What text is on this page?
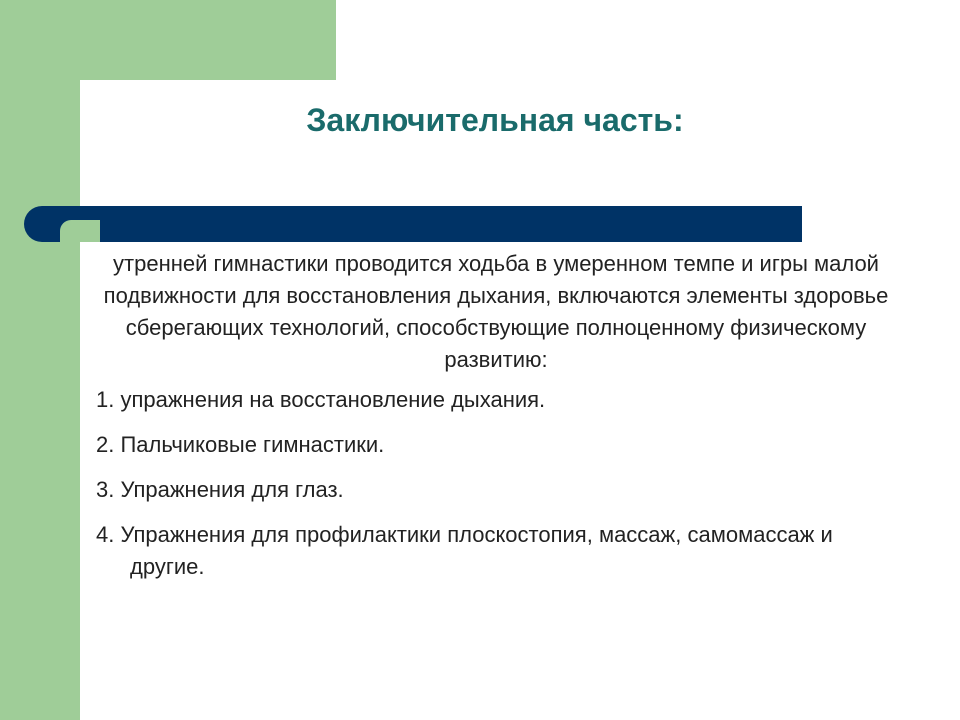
Заключительная часть:

утренней гимнастики проводится ходьба в умеренном темпе и игры малой подвижности для восстановления дыхания, включаются элементы здоровье сберегающих технологий, способствующие полноценному физическому развитию:

1. упражнения на восстановление дыхания.

2. Пальчиковые гимнастики.

3. Упражнения для глаз.

4. Упражнения для профилактики плоскостопия, массаж, самомассаж и другие.
